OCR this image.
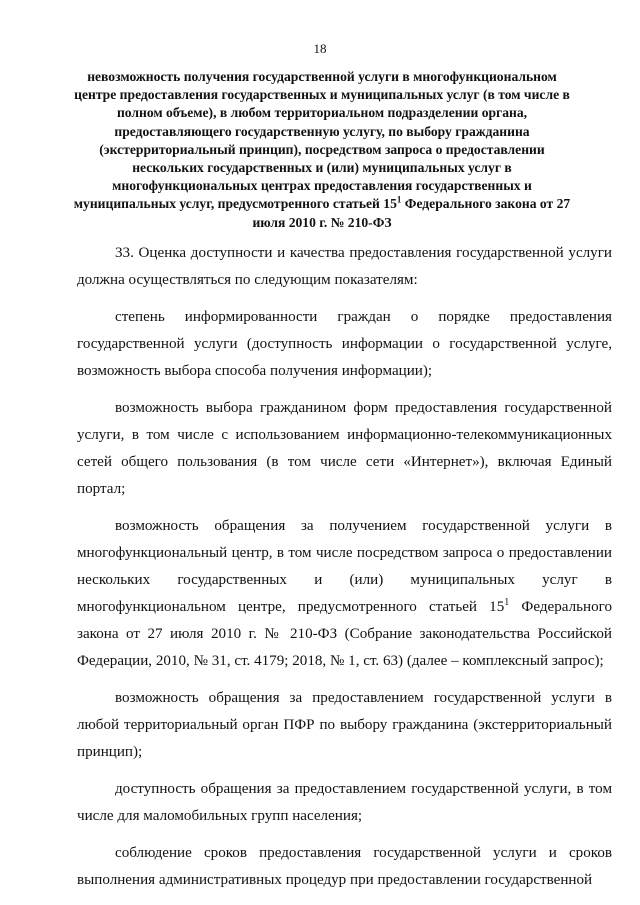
18
невозможность получения государственной услуги в многофункциональном центре предоставления государственных и муниципальных услуг (в том числе в полном объеме), в любом территориальном подразделении органа, предоставляющего государственную услугу, по выбору гражданина (экстерриториальный принцип), посредством запроса о предоставлении нескольких государственных и (или) муниципальных услуг в многофункциональных центрах предоставления государственных и муниципальных услуг, предусмотренного статьей $15^1$ Федерального закона от 27 июля 2010 г. № 210-ФЗ

33. Оценка доступности и качества предоставления государственной услуги должна осуществляться по следующим показателям:

степень информированности граждан о порядке предоставления государственной услуги (доступность информации о государственной услуге, возможность выбора способа получения информации);

возможность выбора гражданином форм предоставления государственной услуги, в том числе с использованием информационно-телекоммуникационных сетей общего пользования (в том числе сети «Интернет»), включая Единый портал;

возможность обращения за получением государственной услуги в многофункциональный центр, в том числе посредством запроса о предоставлении нескольких государственных и (или) муниципальных услуг в многофункциональном центре, предусмотренного статьей $15^1$ Федерального закона от 27 июля 2010 г. № 210-ФЗ (Собрание законодательства Российской Федерации, 2010, № 31, ст. 4179; 2018, № 1, ст. 63) (далее – комплексный запрос);

возможность обращения за предоставлением государственной услуги в любой территориальный орган ПФР по выбору гражданина (экстерриториальный принцип);

доступность обращения за предоставлением государственной услуги, в том числе для маломобильных групп населения;

соблюдение сроков предоставления государственной услуги и сроков выполнения административных процедур при предоставлении государственной
